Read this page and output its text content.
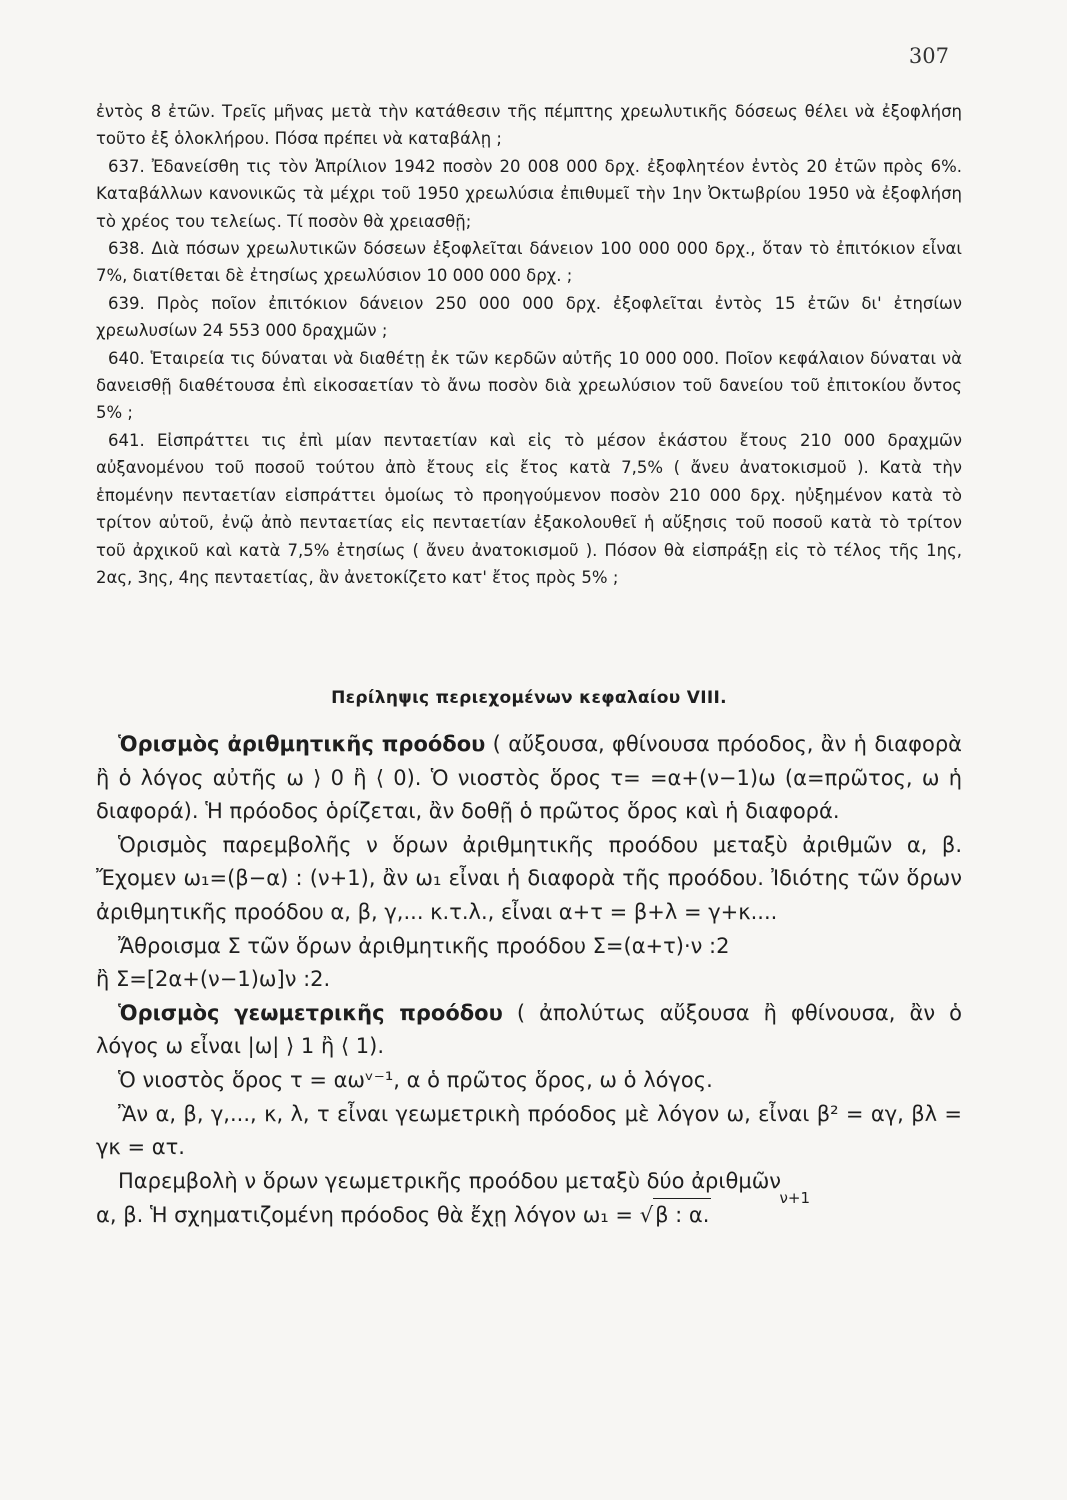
307

ἐντὸς 8 ἐτῶν. Τρεῖς μῆνας μετὰ τὴν κατάθεσιν τῆς πέμπτης χρεωλυτικῆς δόσεως θέλει νὰ ἐξοφλήση τοῦτο ἐξ ὁλοκλήρου. Πόσα πρέπει νὰ καταβάλῃ ;

637. Ἐδανείσθη τις τὸν Ἀπρίλιον 1942 ποσὸν 20 008 000 δρχ. ἐξοφλητέον ἐντὸς 20 ἐτῶν πρὸς 6%. Καταβάλλων κανονικῶς τὰ μέχρι τοῦ 1950 χρεωλύσια ἐπιθυμεῖ τὴν 1ην Ὀκτωβρίου 1950 νὰ ἐξοφλήση τὸ χρέος του τελείως. Τί ποσὸν θὰ χρειασθῇ;

638. Διὰ πόσων χρεωλυτικῶν δόσεων ἐξοφλεῖται δάνειον 100 000 000 δρχ., ὅταν τὸ ἐπιτόκιον εἶναι 7%, διατίθεται δὲ ἐτησίως χρεωλύσιον 10 000 000 δρχ. ;

639. Πρὸς ποῖον ἐπιτόκιον δάνειον 250 000 000 δρχ. ἐξοφλεῖται ἐντὸς 15 ἐτῶν δι' ἐτησίων χρεωλυσίων 24 553 000 δραχμῶν ;

640. Ἑταιρεία τις δύναται νὰ διαθέτῃ ἐκ τῶν κερδῶν αὐτῆς 10 000 000. Ποῖον κεφάλαιον δύναται νὰ δανεισθῇ διαθέτουσα ἐπὶ εἰκοσαετίαν τὸ ἄνω ποσὸν διὰ χρεωλύσιον τοῦ δανείου τοῦ ἐπιτοκίου ὄντος 5% ;

641. Εἰσπράττει τις ἐπὶ μίαν πενταετίαν καὶ εἰς τὸ μέσον ἑκάστου ἔτους 210 000 δραχμῶν αὐξανομένου τοῦ ποσοῦ τούτου ἀπὸ ἔτους εἰς ἔτος κατὰ 7,5% ( ἄνευ ἀνατοκισμοῦ ). Κατὰ τὴν ἑπομένην πενταετίαν εἰσπράττει ὁμοίως τὸ προηγούμενον ποσὸν 210 000 δρχ. ηὐξημένον κατὰ τὸ τρίτον αὐτοῦ, ἐνῷ ἀπὸ πενταετίας εἰς πενταετίαν ἐξακολουθεῖ ἡ αὔξησις τοῦ ποσοῦ κατὰ τὸ τρίτον τοῦ ἀρχικοῦ καὶ κατὰ 7,5% ἐτησίως ( ἄνευ ἀνατοκισμοῦ ). Πόσον θὰ εἰσπράξῃ εἰς τὸ τέλος τῆς 1ης, 2ας, 3ης, 4ης πενταετίας, ἂν ἀνετοκίζετο κατ' ἔτος πρὸς 5% ;

Περίληψις περιεχομένων κεφαλαίου VIII.

Ὁρισμὸς ἀριθμητικῆς προόδου ( αὔξουσα, φθίνουσα πρόοδος, ἂν ἡ διαφορὰ ἢ ὁ λόγος αὐτῆς ω ⟩ 0 ἢ ⟨ 0). Ὁ νιοστὸς ὅρος τ= =α+(ν−1)ω (α=πρῶτος, ω ἡ διαφορά). Ἡ πρόοδος ὁρίζεται, ἂν δοθῇ ὁ πρῶτος ὅρος καὶ ἡ διαφορά.

Ὁρισμὸς παρεμβολῆς ν ὅρων ἀριθμητικῆς προόδου μεταξὺ ἀριθμῶν α, β. Ἔχομεν ω₁=(β−α) : (ν+1), ἂν ω₁ εἶναι ἡ διαφορὰ τῆς προόδου. Ἰδιότης τῶν ὅρων ἀριθμητικῆς προόδου α, β, γ,... κ.τ.λ., εἶναι α+τ = β+λ = γ+κ....

Ἄθροισμα Σ τῶν ὅρων ἀριθμητικῆς προόδου Σ=(α+τ)·ν :2

ἢ Σ=[2α+(ν−1)ω]ν :2.

Ὁρισμὸς γεωμετρικῆς προόδου ( ἀπολύτως αὔξουσα ἢ φθίνουσα, ἂν ὁ λόγος ω εἶναι |ω| ⟩ 1 ἢ ⟨ 1).

Ὁ νιοστὸς ὅρος τ = αωᵛ⁻¹, α ὁ πρῶτος ὅρος, ω ὁ λόγος.

Ἂν α, β, γ,..., κ, λ, τ εἶναι γεωμετρικὴ πρόοδος μὲ λόγον ω, εἶναι β² = αγ, βλ = γκ = ατ.

Παρεμβολὴ ν ὅρων γεωμετρικῆς προόδου μεταξὺ δύο ἀριθμῶν

ν+1
α, β. Ἡ σχηματιζομένη πρόοδος θὰ ἔχῃ λόγον ω₁ = √β : α.
